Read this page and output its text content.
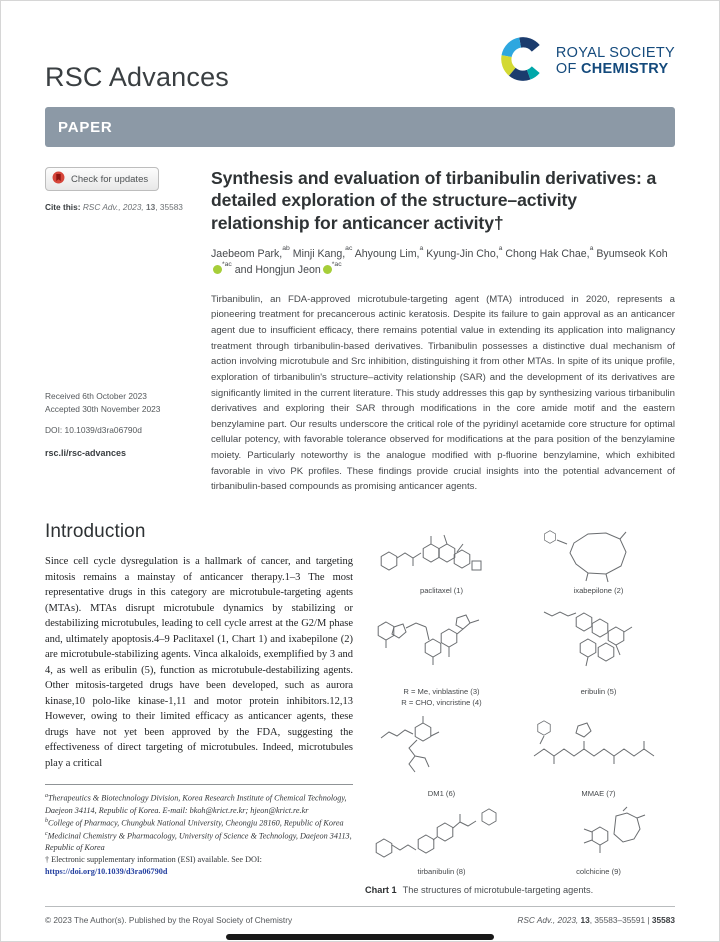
RSC Advances
ROYAL SOCIETY
OF CHEMISTRY
PAPER
Check for updates
Cite this: RSC Adv., 2023, 13, 35583
Received 6th October 2023
Accepted 30th November 2023
DOI: 10.1039/d3ra06790d
rsc.li/rsc-advances
Synthesis and evaluation of tirbanibulin derivatives: a detailed exploration of the structure–activity relationship for anticancer activity†
Jaebeom Park,$^{ab}$ Minji Kang,$^{ac}$ Ahyoung Lim,$^a$ Kyung-Jin Cho,$^a$ Chong Hak Chae,$^a$ Byumseok Koh$^{*ac}$ and Hongjun Jeon$^{*ac}$
Tirbanibulin, an FDA-approved microtubule-targeting agent (MTA) introduced in 2020, represents a pioneering treatment for precancerous actinic keratosis. Despite its failure to gain approval as an anticancer agent due to insufficient efficacy, there remains potential value in extending its application into malignancy treatment through tirbanibulin-based derivatives. Tirbanibulin possesses a distinctive dual mechanism of action involving microtubule and Src inhibition, distinguishing it from other MTAs. In spite of its unique profile, exploration of tirbanibulin's structure–activity relationship (SAR) and the development of its derivatives are significantly limited in the current literature. This study addresses this gap by synthesizing various tirbanibulin derivatives and exploring their SAR through modifications in the core amide motif and the eastern benzylamine part. Our results underscore the critical role of the pyridinyl acetamide core structure for optimal cellular potency, with favorable tolerance observed for modifications at the para position of the benzylamine moiety. Particularly noteworthy is the analogue modified with p-fluorine benzylamine, which exhibited favorable in vivo PK profiles. These findings provide crucial insights into the potential advancement of tirbanibulin-based compounds as promising anticancer agents.
Introduction
Since cell cycle dysregulation is a hallmark of cancer, and targeting mitosis remains a mainstay of anticancer therapy.1–3 The most representative drugs in this category are microtubule-targeting agents (MTAs). MTAs disrupt microtubule dynamics by stabilizing or destabilizing microtubules, leading to cell cycle arrest at the G2/M phase and, ultimately apoptosis.4–9 Paclitaxel (1, Chart 1) and ixabepilone (2) are microtubule-stabilizing agents. Vinca alkaloids, exemplified by 3 and 4, as well as eribulin (5), function as microtubule-destabilizing agents. Other mitosis-targeted drugs have been developed, such as aurora kinase,10 polo-like kinase-1,11 and motor protein inhibitors.12,13 However, owing to their limited efficacy as anticancer agents, these drugs have not yet been approved by the FDA, suggesting the effectiveness of direct targeting of microtubules. Indeed, microtubules play a critical
$^a$Therapeutics & Biotechnology Division, Korea Research Institute of Chemical Technology, Daejeon 34114, Republic of Korea. E-mail: bkoh@krict.re.kr; hjeon@krict.re.kr
$^b$College of Pharmacy, Chungbuk National University, Cheongju 28160, Republic of Korea
$^c$Medicinal Chemistry & Pharmacology, University of Science & Technology, Daejeon 34113, Republic of Korea
† Electronic supplementary information (ESI) available. See DOI: https://doi.org/10.1039/d3ra06790d
paclitaxel (1)	ixabepilone (2)
R = Me, vinblastine (3)
R = CHO, vincristine (4)
eribulin (5)
DM1 (6)	MMAE (7)
tirbanibulin (8)	colchicine (9)
Chart 1 The structures of microtubule-targeting agents.
© 2023 The Author(s). Published by the Royal Society of Chemistry	RSC Adv., 2023, 13, 35583–35591 | 35583
